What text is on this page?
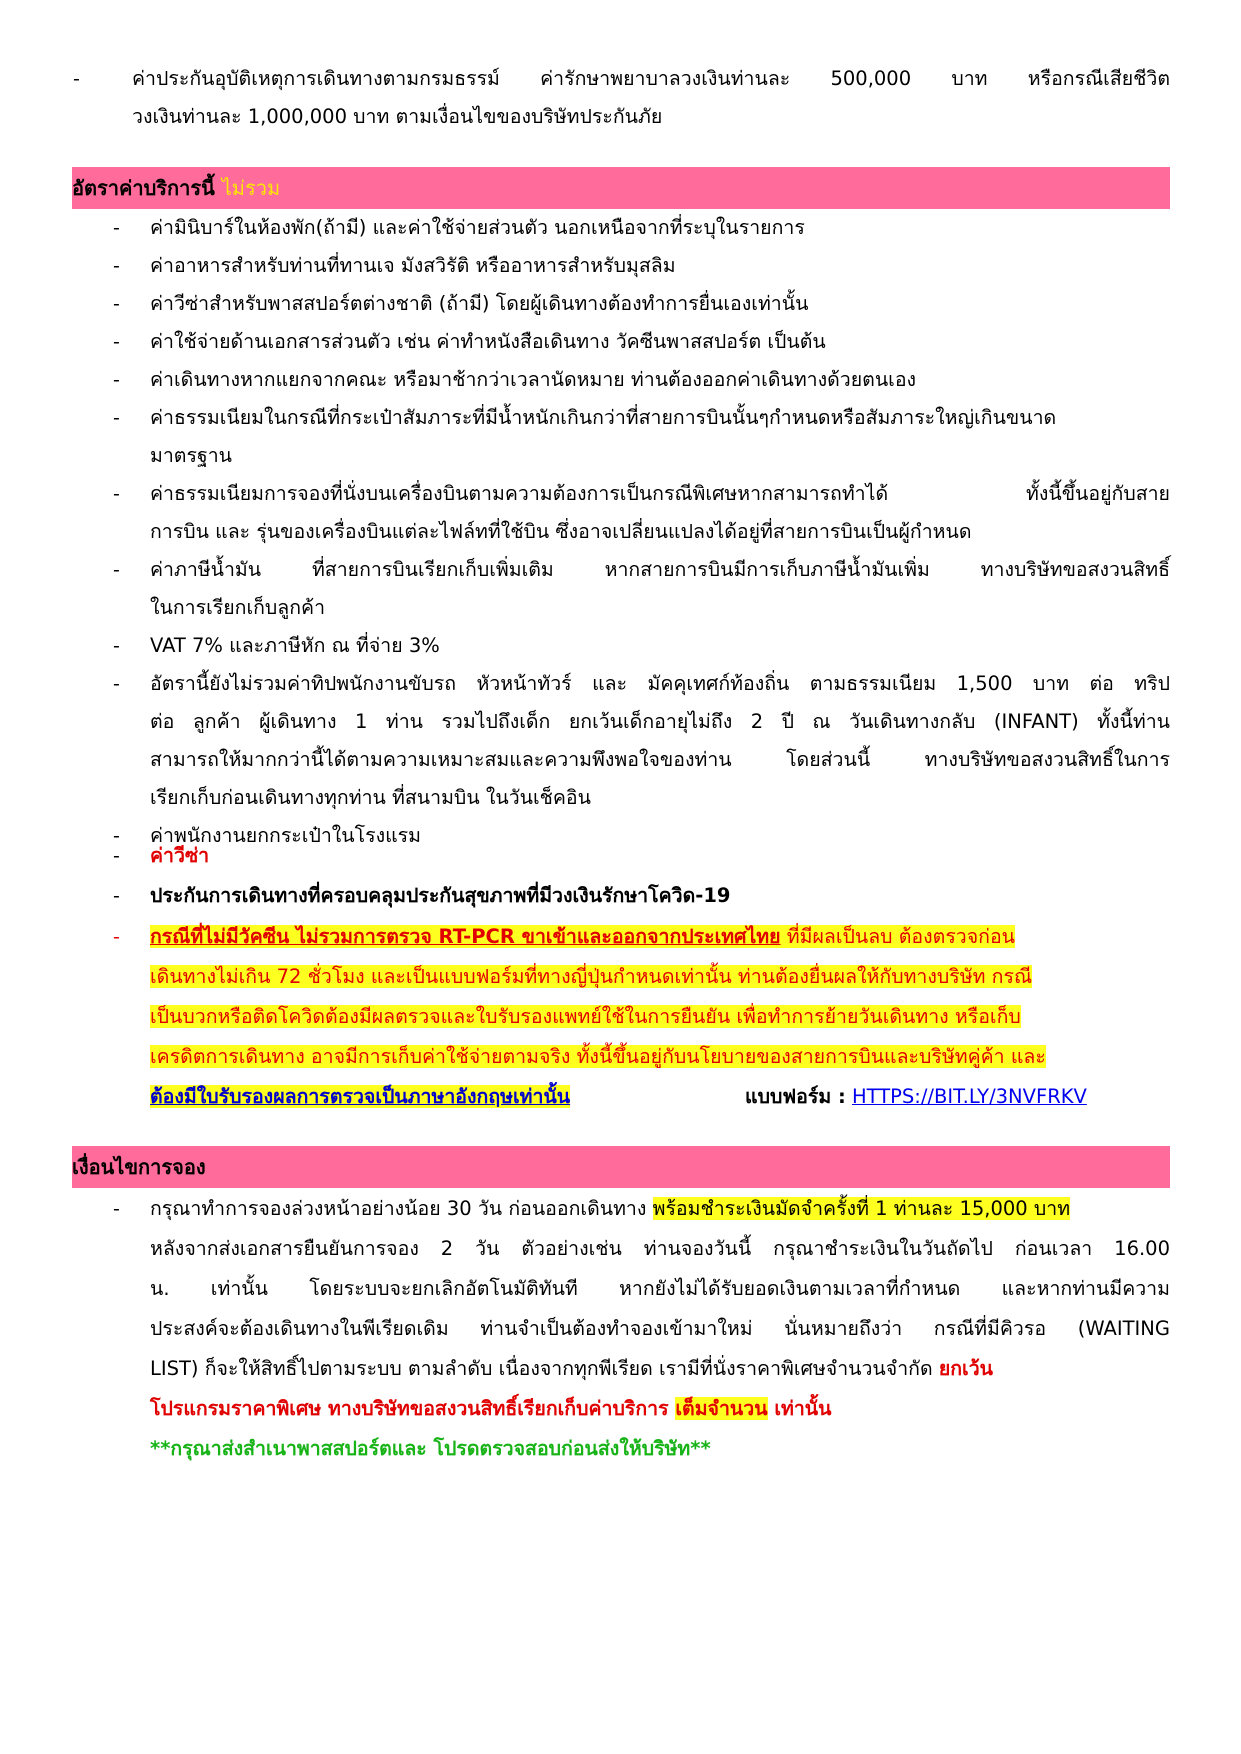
-	ค่าประกันอุบัติเหตุการเดินทางตามกรมธรรม์ ค่ารักษาพยาบาลวงเงินท่านละ 500,000 บาท หรือกรณีเสียชีวิต
วงเงินท่านละ 1,000,000 บาท ตามเงื่อนไขของบริษัทประกันภัย
อัตราค่าบริการนี้ ไม่รวม
- ค่ามินิบาร์ในห้องพัก(ถ้ามี) และค่าใช้จ่ายส่วนตัว นอกเหนือจากที่ระบุในรายการ
- ค่าอาหารสำหรับท่านที่ทานเจ มังสวิรัติ หรืออาหารสำหรับมุสลิม
- ค่าวีซ่าสำหรับพาสสปอร์ตต่างชาติ (ถ้ามี) โดยผู้เดินทางต้องทำการยื่นเองเท่านั้น
- ค่าใช้จ่ายด้านเอกสารส่วนตัว เช่น ค่าทำหนังสือเดินทาง วัคซีนพาสสปอร์ต เป็นต้น
- ค่าเดินทางหากแยกจากคณะ หรือมาช้ากว่าเวลานัดหมาย ท่านต้องออกค่าเดินทางด้วยตนเอง
- ค่าธรรมเนียมในกรณีที่กระเป๋าสัมภาระที่มีน้ำหนักเกินกว่าที่สายการบินนั้นๆกำหนดหรือสัมภาระใหญ่เกินขนาด
มาตรฐาน
- ค่าธรรมเนียมการจองที่นั่งบนเครื่องบินตามความต้องการเป็นกรณีพิเศษหากสามารถทำได้ ทั้งนี้ขึ้นอยู่กับสาย
การบิน และ รุ่นของเครื่องบินแต่ละไฟล์ทที่ใช้บิน ซึ่งอาจเปลี่ยนแปลงได้อยู่ที่สายการบินเป็นผู้กำหนด
- ค่าภาษีน้ำมัน ที่สายการบินเรียกเก็บเพิ่มเติม หากสายการบินมีการเก็บภาษีน้ำมันเพิ่ม ทางบริษัทขอสงวนสิทธิ์
ในการเรียกเก็บลูกค้า
- VAT 7% และภาษีหัก ณ ที่จ่าย 3%
- อัตรานี้ยังไม่รวมค่าทิปพนักงานขับรถ หัวหน้าทัวร์ และ มัคคุเทศก์ท้องถิ่น ตามธรรมเนียม 1,500 บาท ต่อ ทริป
ต่อ ลูกค้า ผู้เดินทาง 1 ท่าน รวมไปถึงเด็ก ยกเว้นเด็กอายุไม่ถึง 2 ปี ณ วันเดินทางกลับ (INFANT) ทั้งนี้ท่าน
สามารถให้มากกว่านี้ได้ตามความเหมาะสมและความพึงพอใจของท่าน โดยส่วนนี้ ทางบริษัทขอสงวนสิทธิ์ในการ
เรียกเก็บก่อนเดินทางทุกท่าน ที่สนามบิน ในวันเช็คอิน
- ค่าพนักงานยกกระเป๋าในโรงแรม
- ค่าวีซ่า
- ประกันการเดินทางที่ครอบคลุมประกันสุขภาพที่มีวงเงินรักษาโควิด-19
- กรณีที่ไม่มีวัคซีน ไม่รวมการตรวจ RT-PCR ขาเข้าและออกจากประเทศไทย ที่มีผลเป็นลบ ต้องตรวจก่อน
เดินทางไม่เกิน 72 ชั่วโมง และเป็นแบบฟอร์มที่ทางญี่ปุ่นกำหนดเท่านั้น ท่านต้องยื่นผลให้กับทางบริษัท กรณี
เป็นบวกหรือติดโควิดต้องมีผลตรวจและใบรับรองแพทย์ใช้ในการยืนยัน เพื่อทำการย้ายวันเดินทาง หรือเก็บ
เครดิตการเดินทาง อาจมีการเก็บค่าใช้จ่ายตามจริง ทั้งนี้ขึ้นอยู่กับนโยบายของสายการบินและบริษัทคู่ค้า และ
ต้องมีใบรับรองผลการตรวจเป็นภาษาอังกฤษเท่านั้น	แบบฟอร์ม : HTTPS://BIT.LY/3NVFRKV
เงื่อนไขการจอง
- กรุณาทำการจองล่วงหน้าอย่างน้อย 30 วัน ก่อนออกเดินทาง พร้อมชำระเงินมัดจำครั้งที่ 1 ท่านละ 15,000 บาท
หลังจากส่งเอกสารยืนยันการจอง 2 วัน ตัวอย่างเช่น ท่านจองวันนี้ กรุณาชำระเงินในวันถัดไป ก่อนเวลา 16.00
น. เท่านั้น โดยระบบจะยกเลิกอัตโนมัติทันที หากยังไม่ได้รับยอดเงินตามเวลาที่กำหนด และหากท่านมีความ
ประสงค์จะต้องเดินทางในพีเรียดเดิม ท่านจำเป็นต้องทำจองเข้ามาใหม่ นั่นหมายถึงว่า กรณีที่มีคิวรอ (WAITING
LIST) ก็จะให้สิทธิ์ไปตามระบบ ตามลำดับ เนื่องจากทุกพีเรียด เรามีที่นั่งราคาพิเศษจำนวนจำกัด ยกเว้น
โปรแกรมราคาพิเศษ ทางบริษัทขอสงวนสิทธิ์เรียกเก็บค่าบริการ เต็มจำนวน เท่านั้น
**กรุณาส่งสำเนาพาสสปอร์ตและ โปรดตรวจสอบก่อนส่งให้บริษัท**
